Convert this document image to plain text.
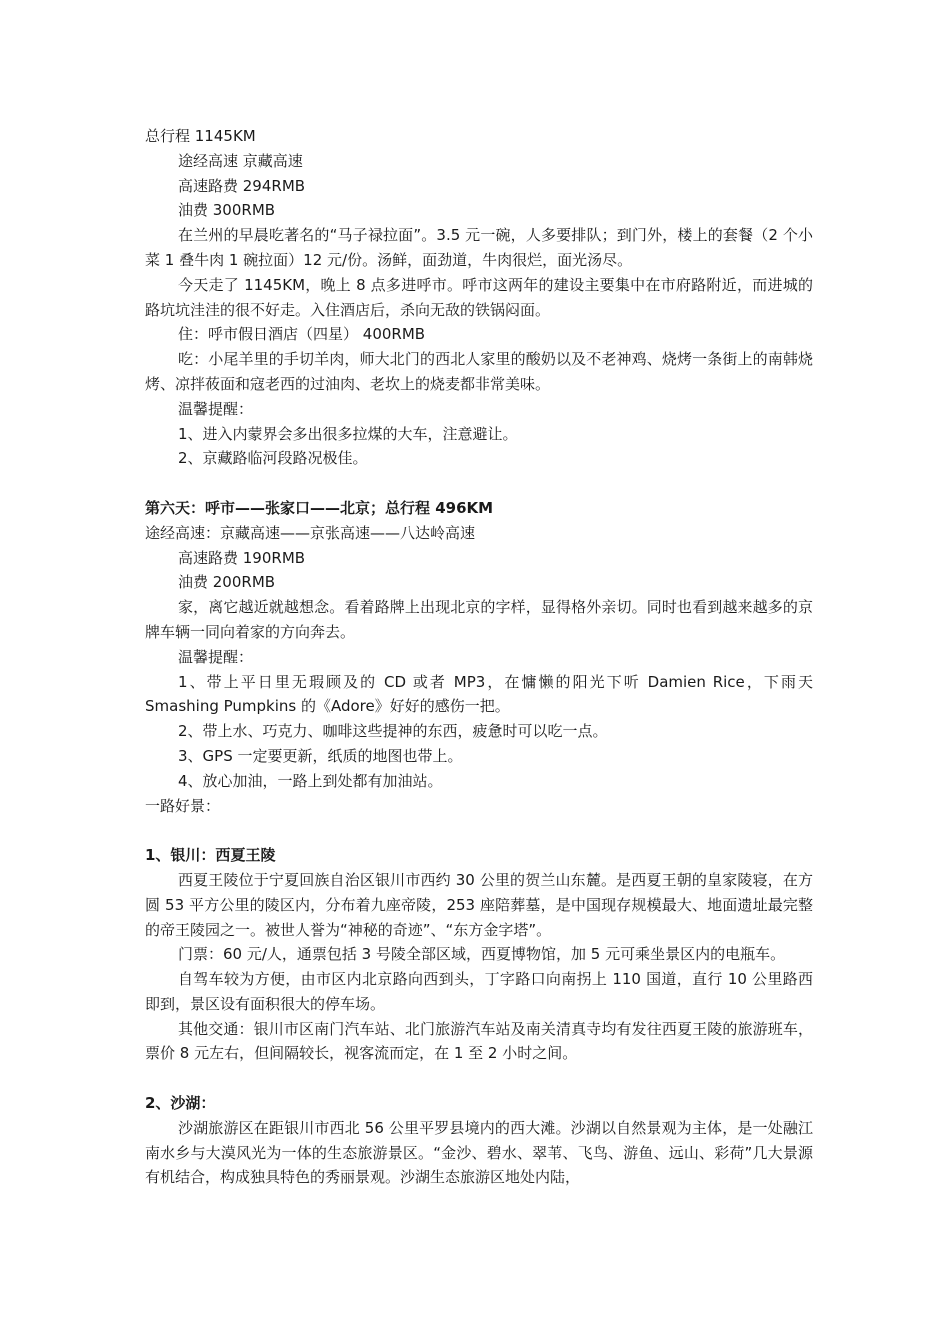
总行程 1145KM

途经高速 京藏高速

高速路费 294RMB

油费 300RMB

在兰州的早晨吃著名的“马子禄拉面”。3.5 元一碗，人多要排队；到门外，楼上的套餐（2 个小菜 1 叠牛肉 1 碗拉面）12 元/份。汤鲜，面劲道，牛肉很烂，面光汤尽。

今天走了 1145KM，晚上 8 点多进呼市。呼市这两年的建设主要集中在市府路附近，而进城的路坑坑洼洼的很不好走。入住酒店后，杀向无敌的铁锅闷面。

住：呼市假日酒店（四星） 400RMB

吃：小尾羊里的手切羊肉，师大北门的西北人家里的酸奶以及不老神鸡、烧烤一条街上的南韩烧烤、凉拌莜面和寇老西的过油肉、老坎上的烧麦都非常美味。

温馨提醒：

1、进入内蒙界会多出很多拉煤的大车，注意避让。

2、京藏路临河段路况极佳。

第六天：呼市——张家口——北京；总行程 496KM

途经高速：京藏高速——京张高速——八达岭高速

高速路费 190RMB

油费 200RMB

家，离它越近就越想念。看着路牌上出现北京的字样，显得格外亲切。同时也看到越来越多的京牌车辆一同向着家的方向奔去。

温馨提醒：

1、带上平日里无瑕顾及的 CD 或者 MP3，在慵懒的阳光下听 Damien Rice，下雨天 Smashing Pumpkins 的《Adore》好好的感伤一把。

2、带上水、巧克力、咖啡这些提神的东西，疲惫时可以吃一点。

3、GPS 一定要更新，纸质的地图也带上。

4、放心加油，一路上到处都有加油站。

一路好景：

1、银川：西夏王陵

西夏王陵位于宁夏回族自治区银川市西约 30 公里的贺兰山东麓。是西夏王朝的皇家陵寝，在方圆 53 平方公里的陵区内，分布着九座帝陵，253 座陪葬墓，是中国现存规模最大、地面遗址最完整的帝王陵园之一。被世人誉为“神秘的奇迹”、“东方金字塔”。

门票：60 元/人，通票包括 3 号陵全部区域，西夏博物馆，加 5 元可乘坐景区内的电瓶车。

自驾车较为方便，由市区内北京路向西到头，丁字路口向南拐上 110 国道，直行 10 公里路西即到，景区设有面积很大的停车场。

其他交通：银川市区南门汽车站、北门旅游汽车站及南关清真寺均有发往西夏王陵的旅游班车，票价 8 元左右，但间隔较长，视客流而定，在 1 至 2 小时之间。

2、沙湖：

沙湖旅游区在距银川市西北 56 公里平罗县境内的西大滩。沙湖以自然景观为主体，是一处融江南水乡与大漠风光为一体的生态旅游景区。“金沙、碧水、翠苇、飞鸟、游鱼、远山、彩荷”几大景源有机结合，构成独具特色的秀丽景观。沙湖生态旅游区地处内陆，
